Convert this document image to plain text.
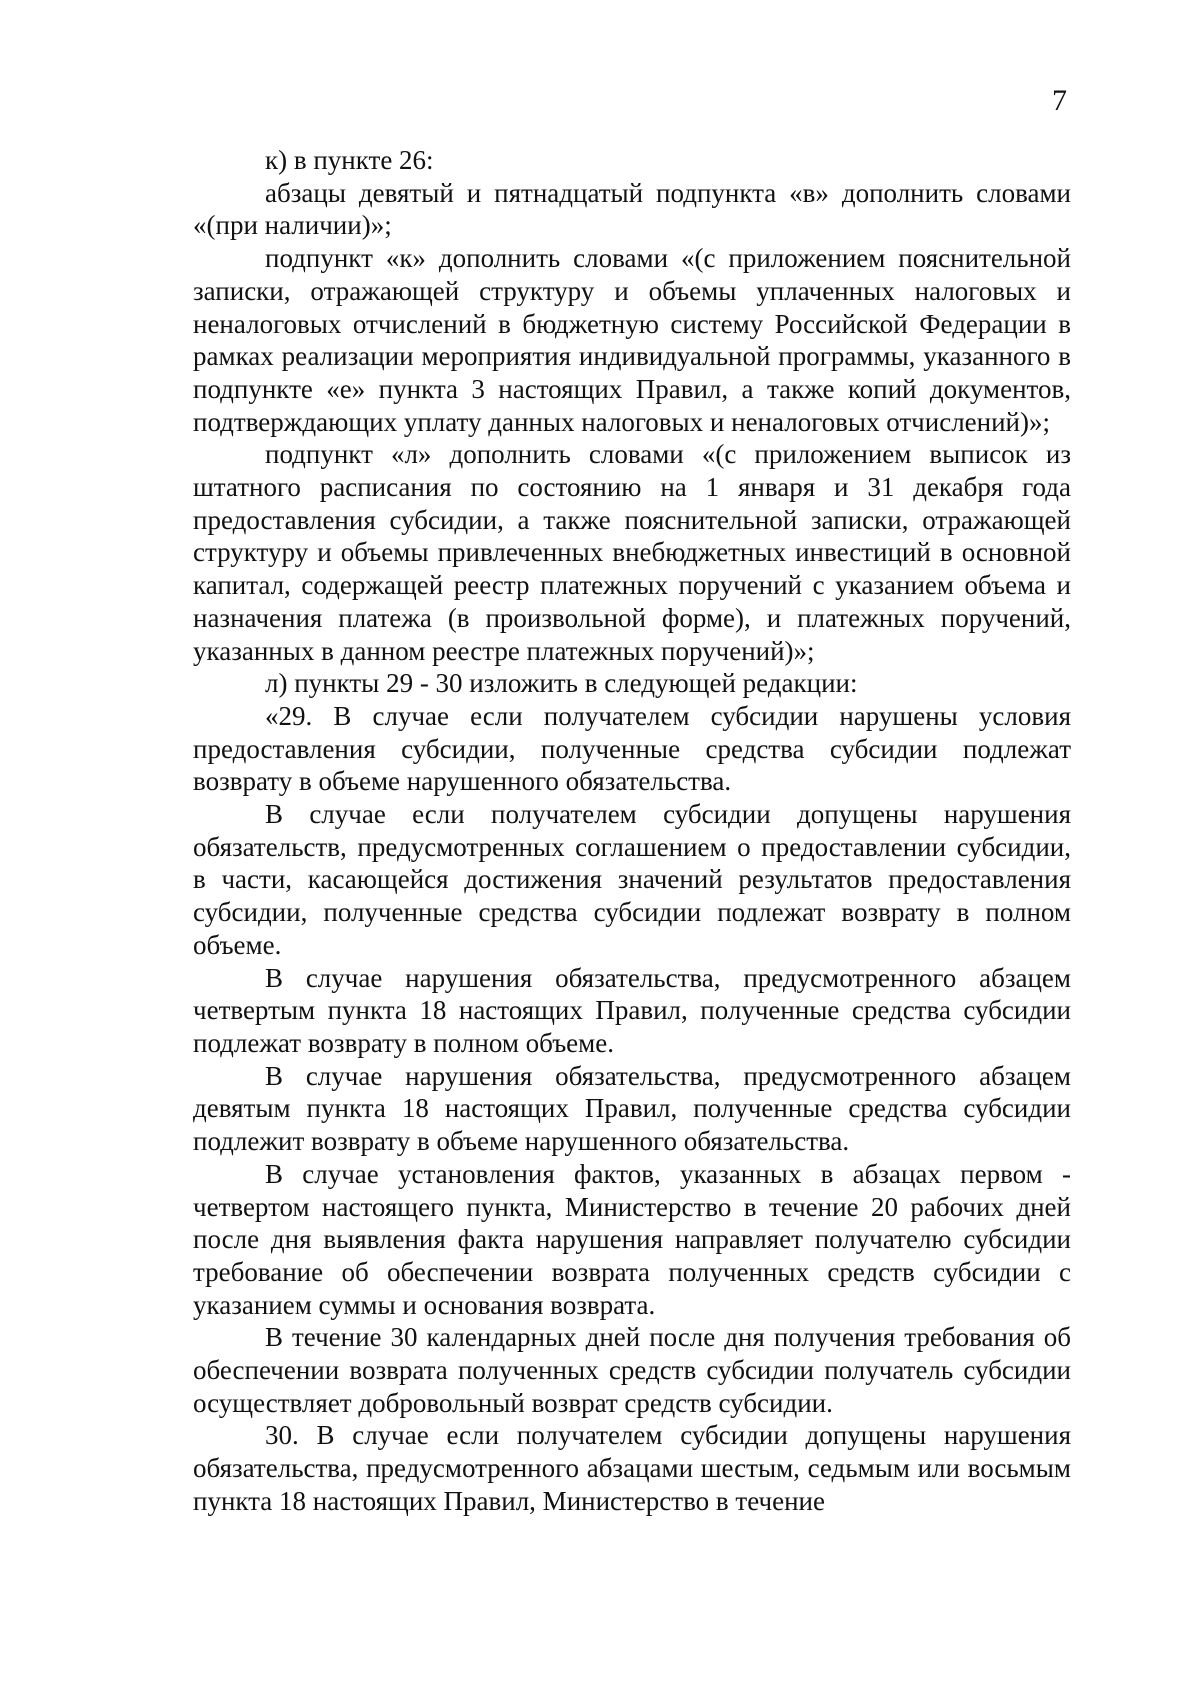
7

к) в пункте 26:

абзацы девятый и пятнадцатый подпункта «в» дополнить словами «(при наличии)»;

подпункт «к» дополнить словами «(с приложением пояснительной записки, отражающей структуру и объемы уплаченных налоговых и неналоговых отчислений в бюджетную систему Российской Федерации в рамках реализации мероприятия индивидуальной программы, указанного в подпункте «е» пункта 3 настоящих Правил, а также копий документов, подтверждающих уплату данных налоговых и неналоговых отчислений)»;

подпункт «л» дополнить словами «(с приложением выписок из штатного расписания по состоянию на 1 января и 31 декабря года предоставления субсидии, а также пояснительной записки, отражающей структуру и объемы привлеченных внебюджетных инвестиций в основной капитал, содержащей реестр платежных поручений с указанием объема и назначения платежа (в произвольной форме), и платежных поручений, указанных в данном реестре платежных поручений)»;

л) пункты 29 - 30 изложить в следующей редакции:

«29. В случае если получателем субсидии нарушены условия предоставления субсидии, полученные средства субсидии подлежат возврату в объеме нарушенного обязательства.

В случае если получателем субсидии допущены нарушения обязательств, предусмотренных соглашением о предоставлении субсидии, в части, касающейся достижения значений результатов предоставления субсидии, полученные средства субсидии подлежат возврату в полном объеме.

В случае нарушения обязательства, предусмотренного абзацем четвертым пункта 18 настоящих Правил, полученные средства субсидии подлежат возврату в полном объеме.

В случае нарушения обязательства, предусмотренного абзацем девятым пункта 18 настоящих Правил, полученные средства субсидии подлежит возврату в объеме нарушенного обязательства.

В случае установления фактов, указанных в абзацах первом - четвертом настоящего пункта, Министерство в течение 20 рабочих дней после дня выявления факта нарушения направляет получателю субсидии требование об обеспечении возврата полученных средств субсидии с указанием суммы и основания возврата.

В течение 30 календарных дней после дня получения требования об обеспечении возврата полученных средств субсидии получатель субсидии осуществляет добровольный возврат средств субсидии.

30. В случае если получателем субсидии допущены нарушения обязательства, предусмотренного абзацами шестым, седьмым или восьмым пункта 18 настоящих Правил, Министерство в течение
